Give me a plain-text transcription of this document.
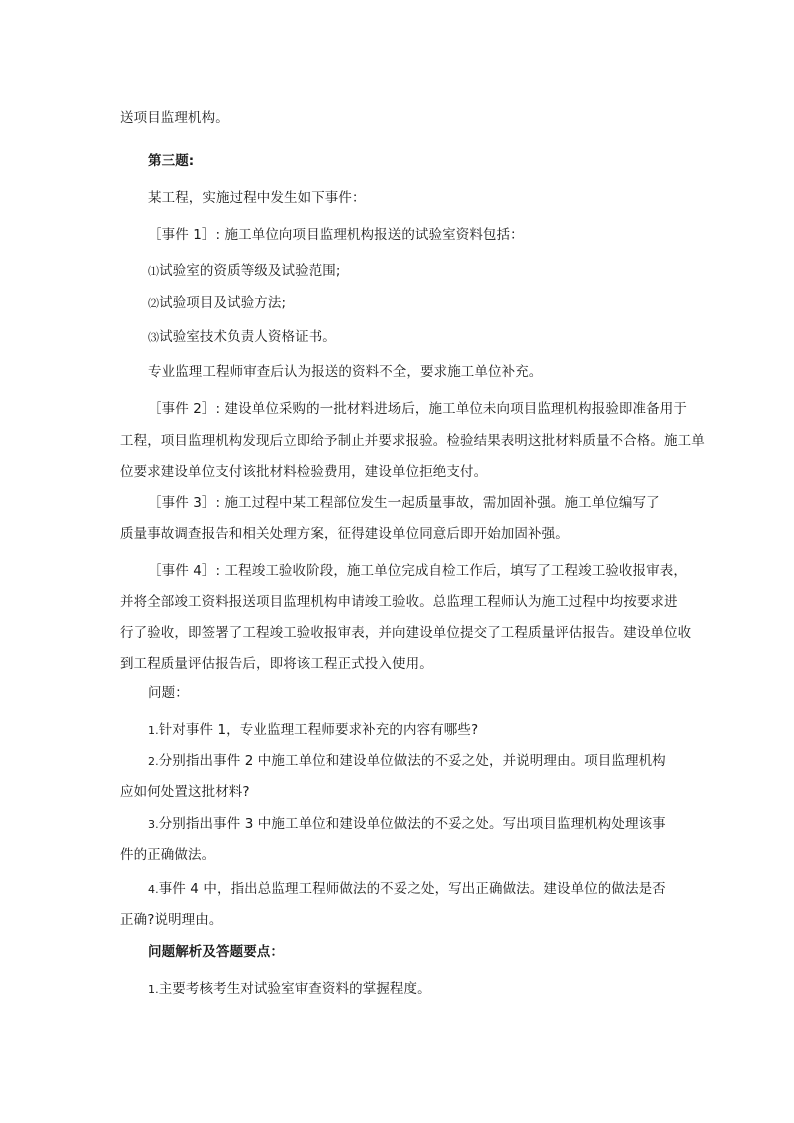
送项目监理机构。
第三题:
某工程，实施过程中发生如下事件：
［事件 1］: 施工单位向项目监理机构报送的试验室资料包括：
⑴试验室的资质等级及试验范围;
⑵试验项目及试验方法;
⑶试验室技术负责人资格证书。
专业监理工程师审查后认为报送的资料不全，要求施工单位补充。
［事件 2］: 建设单位采购的一批材料进场后，施工单位未向项目监理机构报验即准备用于
工程，项目监理机构发现后立即给予制止并要求报验。检验结果表明这批材料质量不合格。施工单
位要求建设单位支付该批材料检验费用，建设单位拒绝支付。
［事件 3］: 施工过程中某工程部位发生一起质量事故，需加固补强。施工单位编写了
质量事故调查报告和相关处理方案，征得建设单位同意后即开始加固补强。
［事件 4］: 工程竣工验收阶段，施工单位完成自检工作后，填写了工程竣工验收报审表，
并将全部竣工资料报送项目监理机构申请竣工验收。总监理工程师认为施工过程中均按要求进
行了验收，即签署了工程竣工验收报审表，并向建设单位提交了工程质量评估报告。建设单位收
到工程质量评估报告后，即将该工程正式投入使用。
问题：
1.针对事件 1，专业监理工程师要求补充的内容有哪些?
2.分别指出事件 2 中施工单位和建设单位做法的不妥之处，并说明理由。项目监理机构
应如何处置这批材料?
3.分别指出事件 3 中施工单位和建设单位做法的不妥之处。写出项目监理机构处理该事
件的正确做法。
4.事件 4 中，指出总监理工程师做法的不妥之处，写出正确做法。建设单位的做法是否
正确?说明理由。
问题解析及答题要点：
1.主要考核考生对试验室审查资料的掌握程度。
